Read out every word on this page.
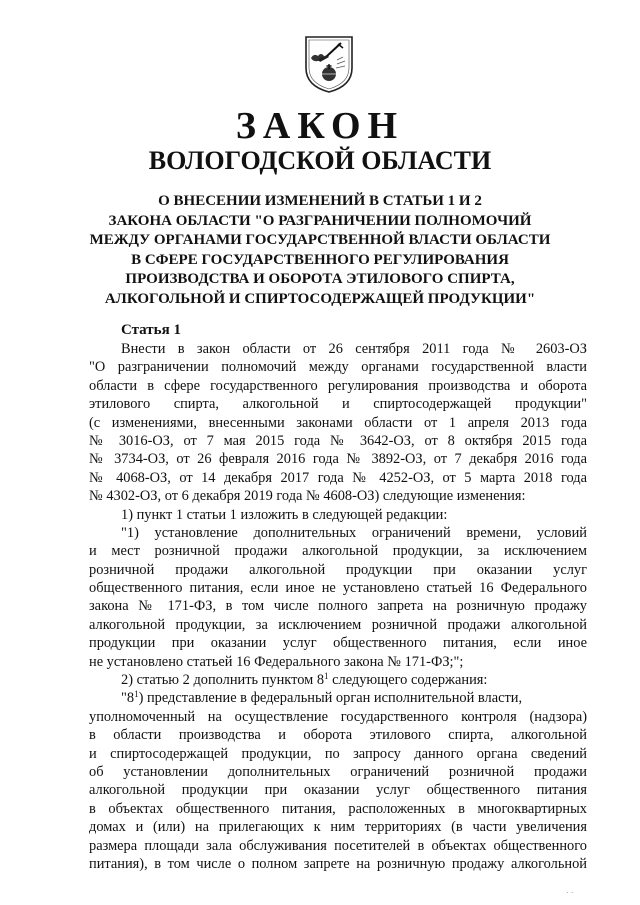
ЗАКОН
ВОЛОГОДСКОЙ ОБЛАСТИ
О ВНЕСЕНИИ ИЗМЕНЕНИЙ В СТАТЬИ 1 И 2
ЗАКОНА ОБЛАСТИ "О РАЗГРАНИЧЕНИИ ПОЛНОМОЧИЙ
МЕЖДУ ОРГАНАМИ ГОСУДАРСТВЕННОЙ ВЛАСТИ ОБЛАСТИ
В СФЕРЕ ГОСУДАРСТВЕННОГО РЕГУЛИРОВАНИЯ
ПРОИЗВОДСТВА И ОБОРОТА ЭТИЛОВОГО СПИРТА,
АЛКОГОЛЬНОЙ И СПИРТОСОДЕРЖАЩЕЙ ПРОДУКЦИИ"
Статья 1
Внести в закон области от 26 сентября 2011 года № 2603-ОЗ
"О разграничении полномочий между органами государственной власти
области в сфере государственного регулирования производства и оборота
этилового спирта, алкогольной и спиртосодержащей продукции"
(с изменениями, внесенными законами области от 1 апреля 2013 года
№ 3016-ОЗ, от 7 мая 2015 года № 3642-ОЗ, от 8 октября 2015 года
№ 3734-ОЗ, от 26 февраля 2016 года № 3892-ОЗ, от 7 декабря 2016 года
№ 4068-ОЗ, от 14 декабря 2017 года № 4252-ОЗ, от 5 марта 2018 года
№ 4302-ОЗ, от 6 декабря 2019 года № 4608-ОЗ) следующие изменения:
1) пункт 1 статьи 1 изложить в следующей редакции:
"1) установление дополнительных ограничений времени, условий
и мест розничной продажи алкогольной продукции, за исключением
розничной продажи алкогольной продукции при оказании услуг
общественного питания, если иное не установлено статьей 16 Федерального
закона № 171-ФЗ, в том числе полного запрета на розничную продажу
алкогольной продукции, за исключением розничной продажи алкогольной
продукции при оказании услуг общественного питания, если иное
не установлено статьей 16 Федерального закона № 171-ФЗ;";
2) статью 2 дополнить пунктом $8^1$ следующего содержания:
"$8^1$) представление в федеральный орган исполнительной власти,
уполномоченный на осуществление государственного контроля (надзора)
в области производства и оборота этилового спирта, алкогольной
и спиртосодержащей продукции, по запросу данного органа сведений
об установлении дополнительных ограничений розничной продажи
алкогольной продукции при оказании услуг общественного питания
в объектах общественного питания, расположенных в многоквартирных
домах и (или) на прилегающих к ним территориях (в части увеличения
размера площади зала обслуживания посетителей в объектах общественного
питания), в том числе о полном запрете на розничную продажу алкогольной
· ·
